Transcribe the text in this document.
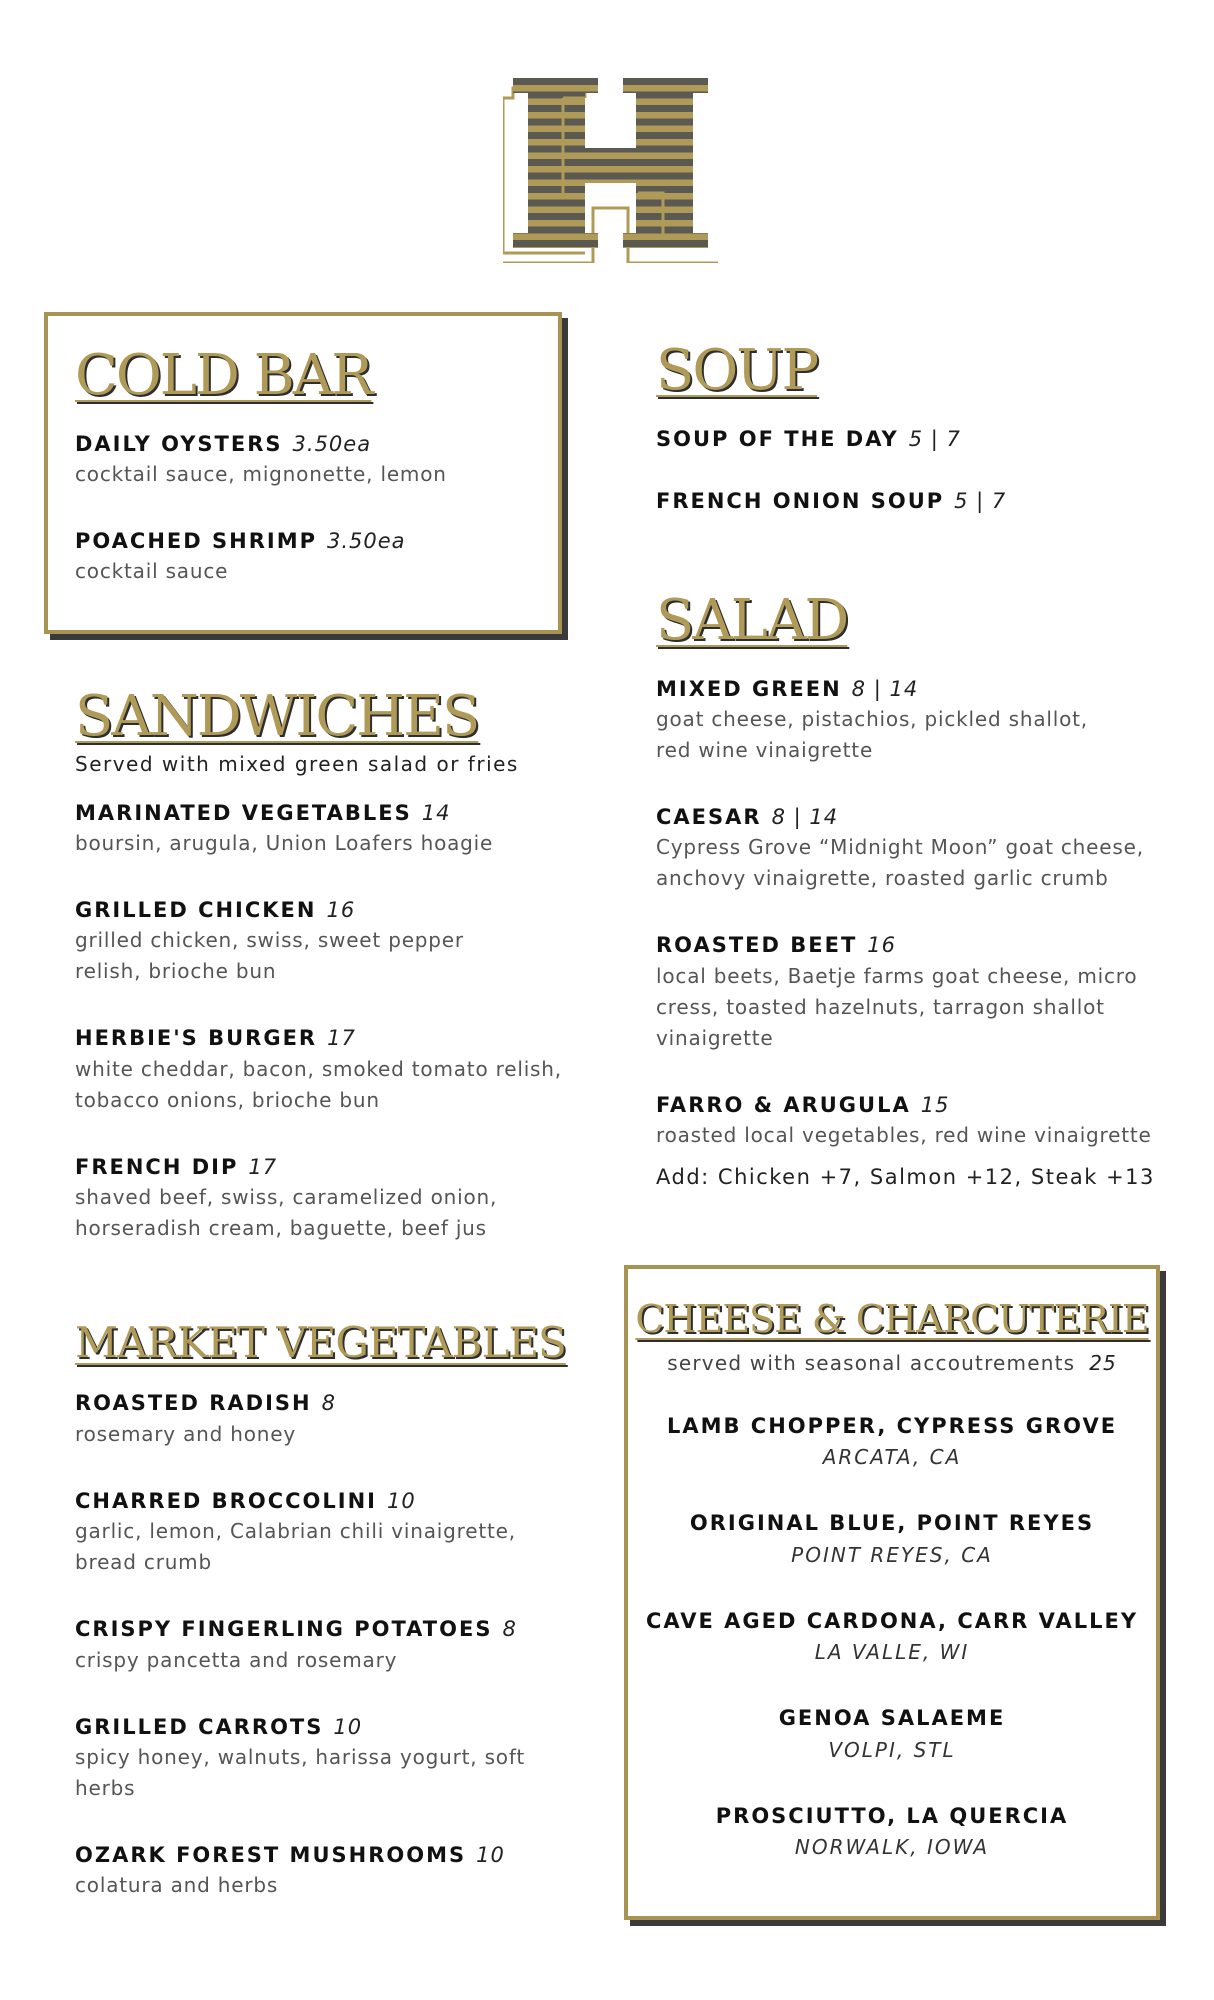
COLD BAR
DAILY OYSTERS 3.50ea
cocktail sauce, mignonette, lemon
POACHED SHRIMP 3.50ea
cocktail sauce
SANDWICHES
Served with mixed green salad or fries
MARINATED VEGETABLES 14
boursin, arugula, Union Loafers hoagie
GRILLED CHICKEN 16
grilled chicken, swiss, sweet pepper relish, brioche bun
HERBIE'S BURGER 17
white cheddar, bacon, smoked tomato relish, tobacco onions, brioche bun
FRENCH DIP 17
shaved beef, swiss, caramelized onion, horseradish cream, baguette, beef jus
MARKET VEGETABLES
ROASTED RADISH 8
rosemary and honey
CHARRED BROCCOLINI 10
garlic, lemon, Calabrian chili vinaigrette, bread crumb
CRISPY FINGERLING POTATOES 8
crispy pancetta and rosemary
GRILLED CARROTS 10
spicy honey, walnuts, harissa yogurt, soft herbs
OZARK FOREST MUSHROOMS 10
colatura and herbs
SOUP
SOUP OF THE DAY 5 | 7
FRENCH ONION SOUP 5 | 7
SALAD
MIXED GREEN 8 | 14
goat cheese, pistachios, pickled shallot, red wine vinaigrette
CAESAR 8 | 14
Cypress Grove “Midnight Moon” goat cheese, anchovy vinaigrette, roasted garlic crumb
ROASTED BEET 16
local beets, Baetje farms goat cheese, micro cress, toasted hazelnuts, tarragon shallot vinaigrette
FARRO & ARUGULA 15
roasted local vegetables, red wine vinaigrette
Add: Chicken +7, Salmon +12, Steak +13
CHEESE & CHARCUTERIE
served with seasonal accoutrements 25
LAMB CHOPPER, CYPRESS GROVE
ARCATA, CA
ORIGINAL BLUE, POINT REYES
POINT REYES, CA
CAVE AGED CARDONA, CARR VALLEY
LA VALLE, WI
GENOA SALAEME
VOLPI, STL
PROSCIUTTO, LA QUERCIA
NORWALK, IOWA
